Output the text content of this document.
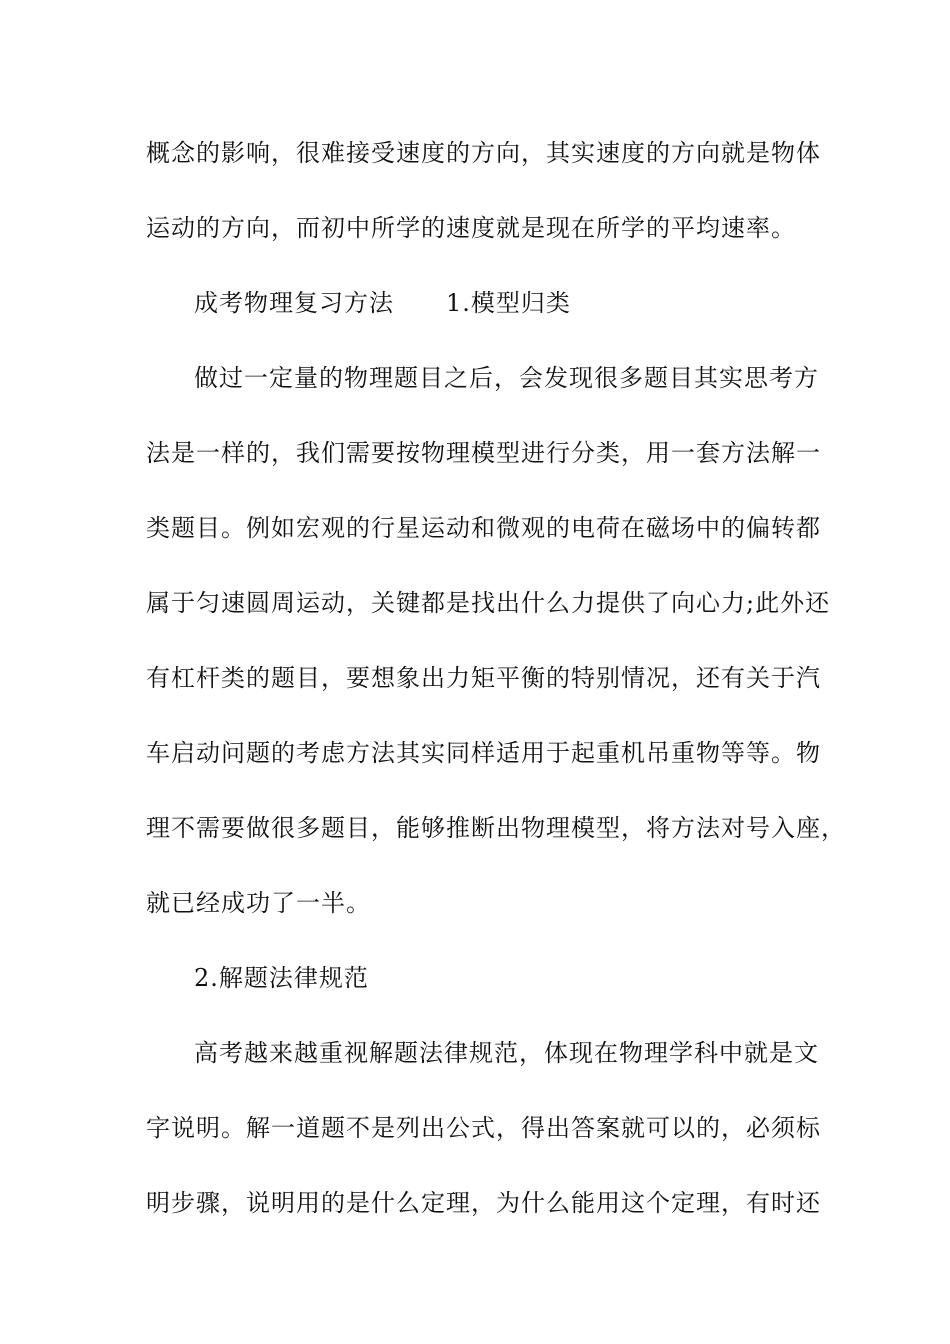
概念的影响，很难接受速度的方向，其实速度的方向就是物体
运动的方向，而初中所学的速度就是现在所学的平均速率。
成考物理复习方法 1.模型归类
做过一定量的物理题目之后，会发现很多题目其实思考方
法是一样的，我们需要按物理模型进行分类，用一套方法解一
类题目。例如宏观的行星运动和微观的电荷在磁场中的偏转都
属于匀速圆周运动，关键都是找出什么力提供了向心力;此外还
有杠杆类的题目，要想象出力矩平衡的特别情况，还有关于汽
车启动问题的考虑方法其实同样适用于起重机吊重物等等。物
理不需要做很多题目，能够推断出物理模型，将方法对号入座，
就已经成功了一半。
2.解题法律规范
高考越来越重视解题法律规范，体现在物理学科中就是文
字说明。解一道题不是列出公式，得出答案就可以的，必须标
明步骤，说明用的是什么定理，为什么能用这个定理，有时还
